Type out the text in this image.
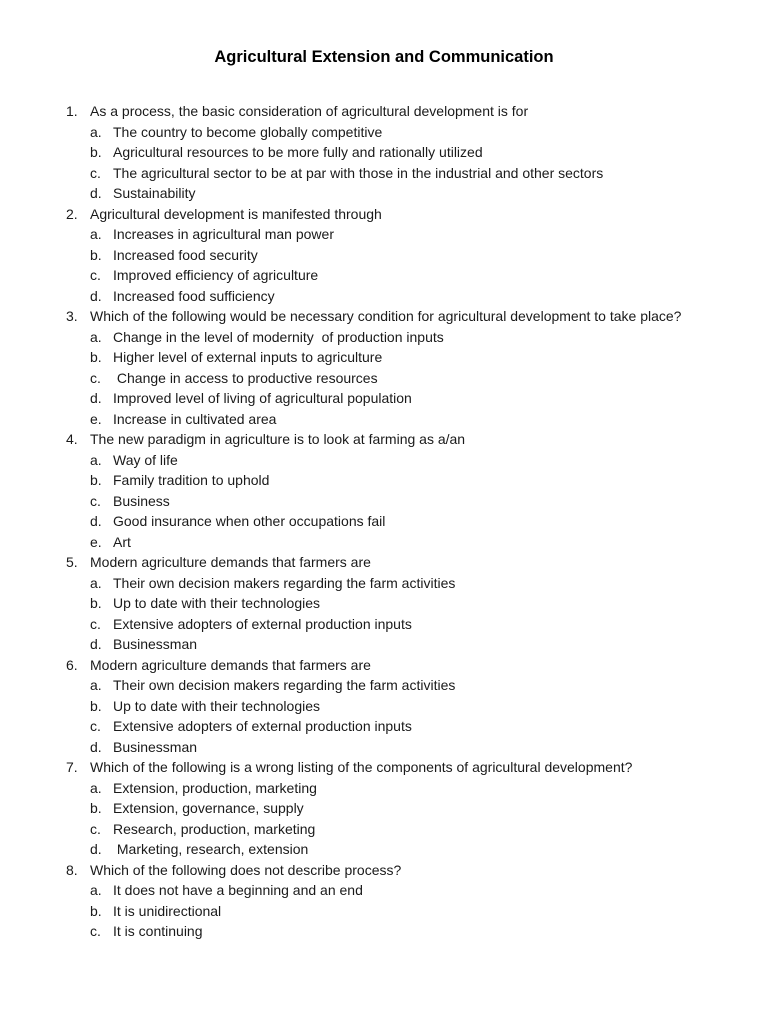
Agricultural Extension and Communication
1. As a process, the basic consideration of agricultural development is for
a. The country to become globally competitive
b. Agricultural resources to be more fully and rationally utilized
c. The agricultural sector to be at par with those in the industrial and other sectors
d. Sustainability
2. Agricultural development is manifested through
a. Increases in agricultural man power
b. Increased food security
c. Improved efficiency of agriculture
d. Increased food sufficiency
3. Which of the following would be necessary condition for agricultural development to take place?
a. Change in the level of modernity  of production inputs
b. Higher level of external inputs to agriculture
c. Change in access to productive resources
d. Improved level of living of agricultural population
e. Increase in cultivated area
4. The new paradigm in agriculture is to look at farming as a/an
a. Way of life
b. Family tradition to uphold
c. Business
d. Good insurance when other occupations fail
e. Art
5. Modern agriculture demands that farmers are
a. Their own decision makers regarding the farm activities
b. Up to date with their technologies
c. Extensive adopters of external production inputs
d. Businessman
6. Modern agriculture demands that farmers are
a. Their own decision makers regarding the farm activities
b. Up to date with their technologies
c. Extensive adopters of external production inputs
d. Businessman
7. Which of the following is a wrong listing of the components of agricultural development?
a. Extension, production, marketing
b. Extension, governance, supply
c. Research, production, marketing
d. Marketing, research, extension
8. Which of the following does not describe process?
a. It does not have a beginning and an end
b. It is unidirectional
c. It is continuing
